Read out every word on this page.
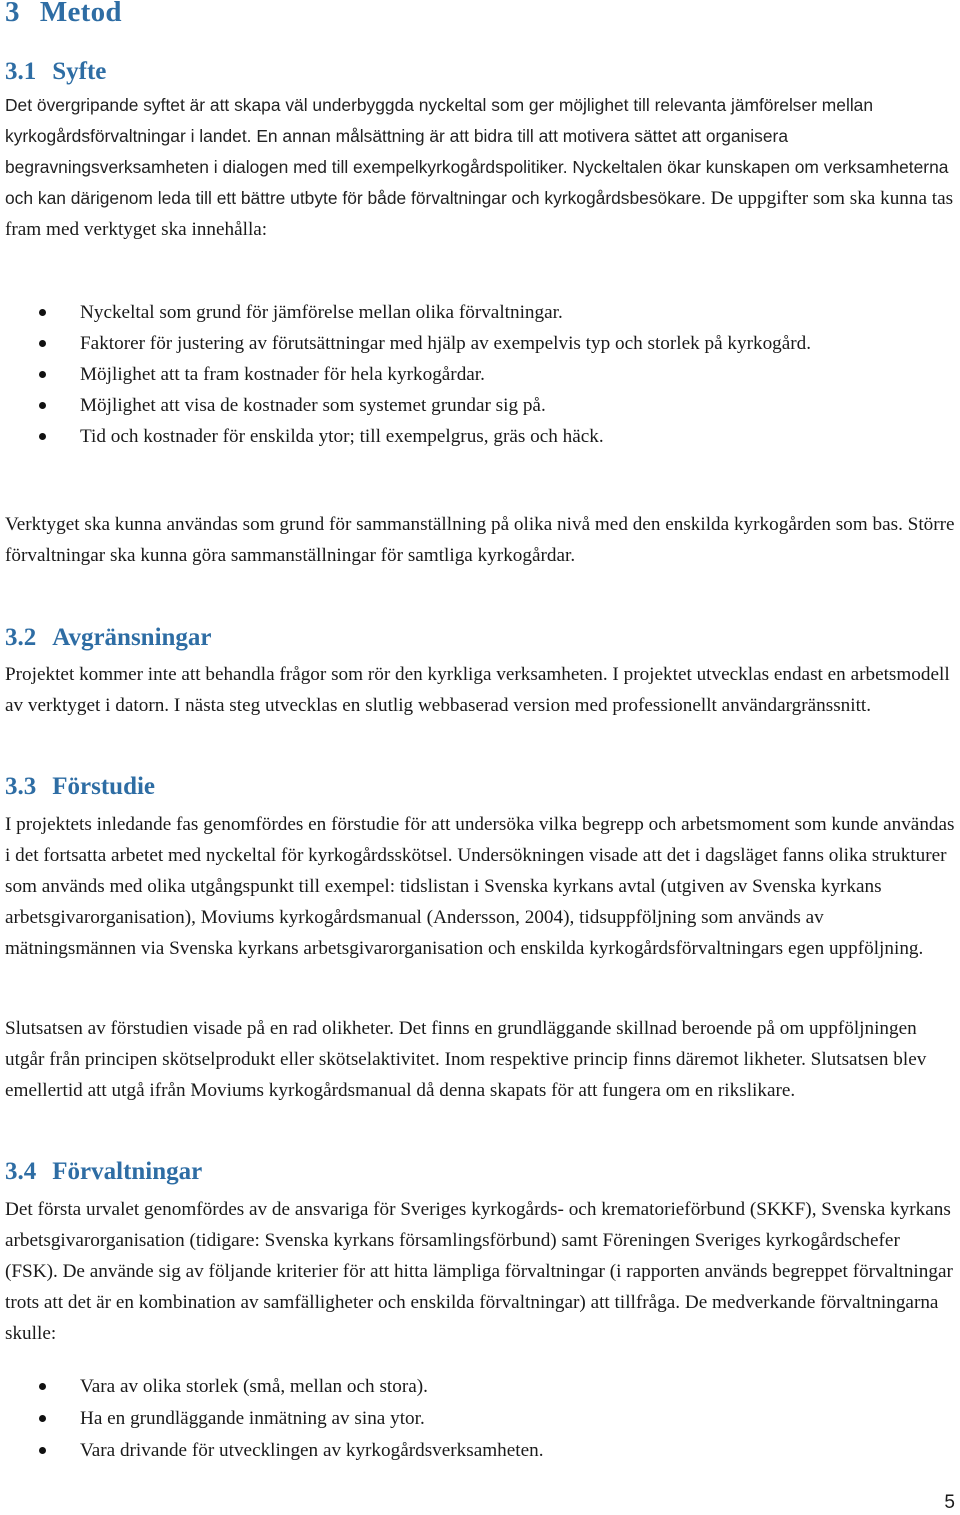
3 Metod
3.1 Syfte

Det övergripande syftet är att skapa väl underbyggda nyckeltal som ger möjlighet till relevanta jämförelser mellan kyrkogårdsförvaltningar i landet. En annan målsättning är att bidra till att motivera sättet att organisera begravningsverksamheten i dialogen med till exempelkyrkogårdspolitiker. Nyckeltalen ökar kunskapen om verksamheterna och kan därigenom leda till ett bättre utbyte för både förvaltningar och kyrkogårdsbesökare. De uppgifter som ska kunna tas fram med verktyget ska innehålla:

Nyckeltal som grund för jämförelse mellan olika förvaltningar.
Faktorer för justering av förutsättningar med hjälp av exempelvis typ och storlek på kyrkogård.
Möjlighet att ta fram kostnader för hela kyrkogårdar.
Möjlighet att visa de kostnader som systemet grundar sig på.
Tid och kostnader för enskilda ytor; till exempelgrus, gräs och häck.

Verktyget ska kunna användas som grund för sammanställning på olika nivå med den enskilda kyrkogården som bas. Större förvaltningar ska kunna göra sammanställningar för samtliga kyrkogårdar.

3.2 Avgränsningar

Projektet kommer inte att behandla frågor som rör den kyrkliga verksamheten. I projektet utvecklas endast en arbetsmodell av verktyget i datorn. I nästa steg utvecklas en slutlig webbaserad version med professionellt användargränssnitt.

3.3 Förstudie

I projektets inledande fas genomfördes en förstudie för att undersöka vilka begrepp och arbetsmoment som kunde användas i det fortsatta arbetet med nyckeltal för kyrkogårdsskötsel. Undersökningen visade att det i dagsläget fanns olika strukturer som används med olika utgångspunkt till exempel: tidslistan i Svenska kyrkans avtal (utgiven av Svenska kyrkans arbetsgivarorganisation), Moviums kyrkogårdsmanual (Andersson, 2004), tidsuppföljning som används av mätningsmännen via Svenska kyrkans arbetsgivarorganisation och enskilda kyrkogårdsförvaltningars egen uppföljning.

Slutsatsen av förstudien visade på en rad olikheter. Det finns en grundläggande skillnad beroende på om uppföljningen utgår från principen skötselprodukt eller skötselaktivitet. Inom respektive princip finns däremot likheter. Slutsatsen blev emellertid att utgå ifrån Moviums kyrkogårdsmanual då denna skapats för att fungera om en rikslikare.

3.4 Förvaltningar

Det första urvalet genomfördes av de ansvariga för Sveriges kyrkogårds- och krematorieförbund (SKKF), Svenska kyrkans arbetsgivarorganisation (tidigare: Svenska kyrkans församlingsförbund) samt Föreningen Sveriges kyrkogårdschefer (FSK). De använde sig av följande kriterier för att hitta lämpliga förvaltningar (i rapporten används begreppet förvaltningar trots att det är en kombination av samfälligheter och enskilda förvaltningar) att tillfråga. De medverkande förvaltningarna skulle:

Vara av olika storlek (små, mellan och stora).
Ha en grundläggande inmätning av sina ytor.
Vara drivande för utvecklingen av kyrkogårdsverksamheten.
5
